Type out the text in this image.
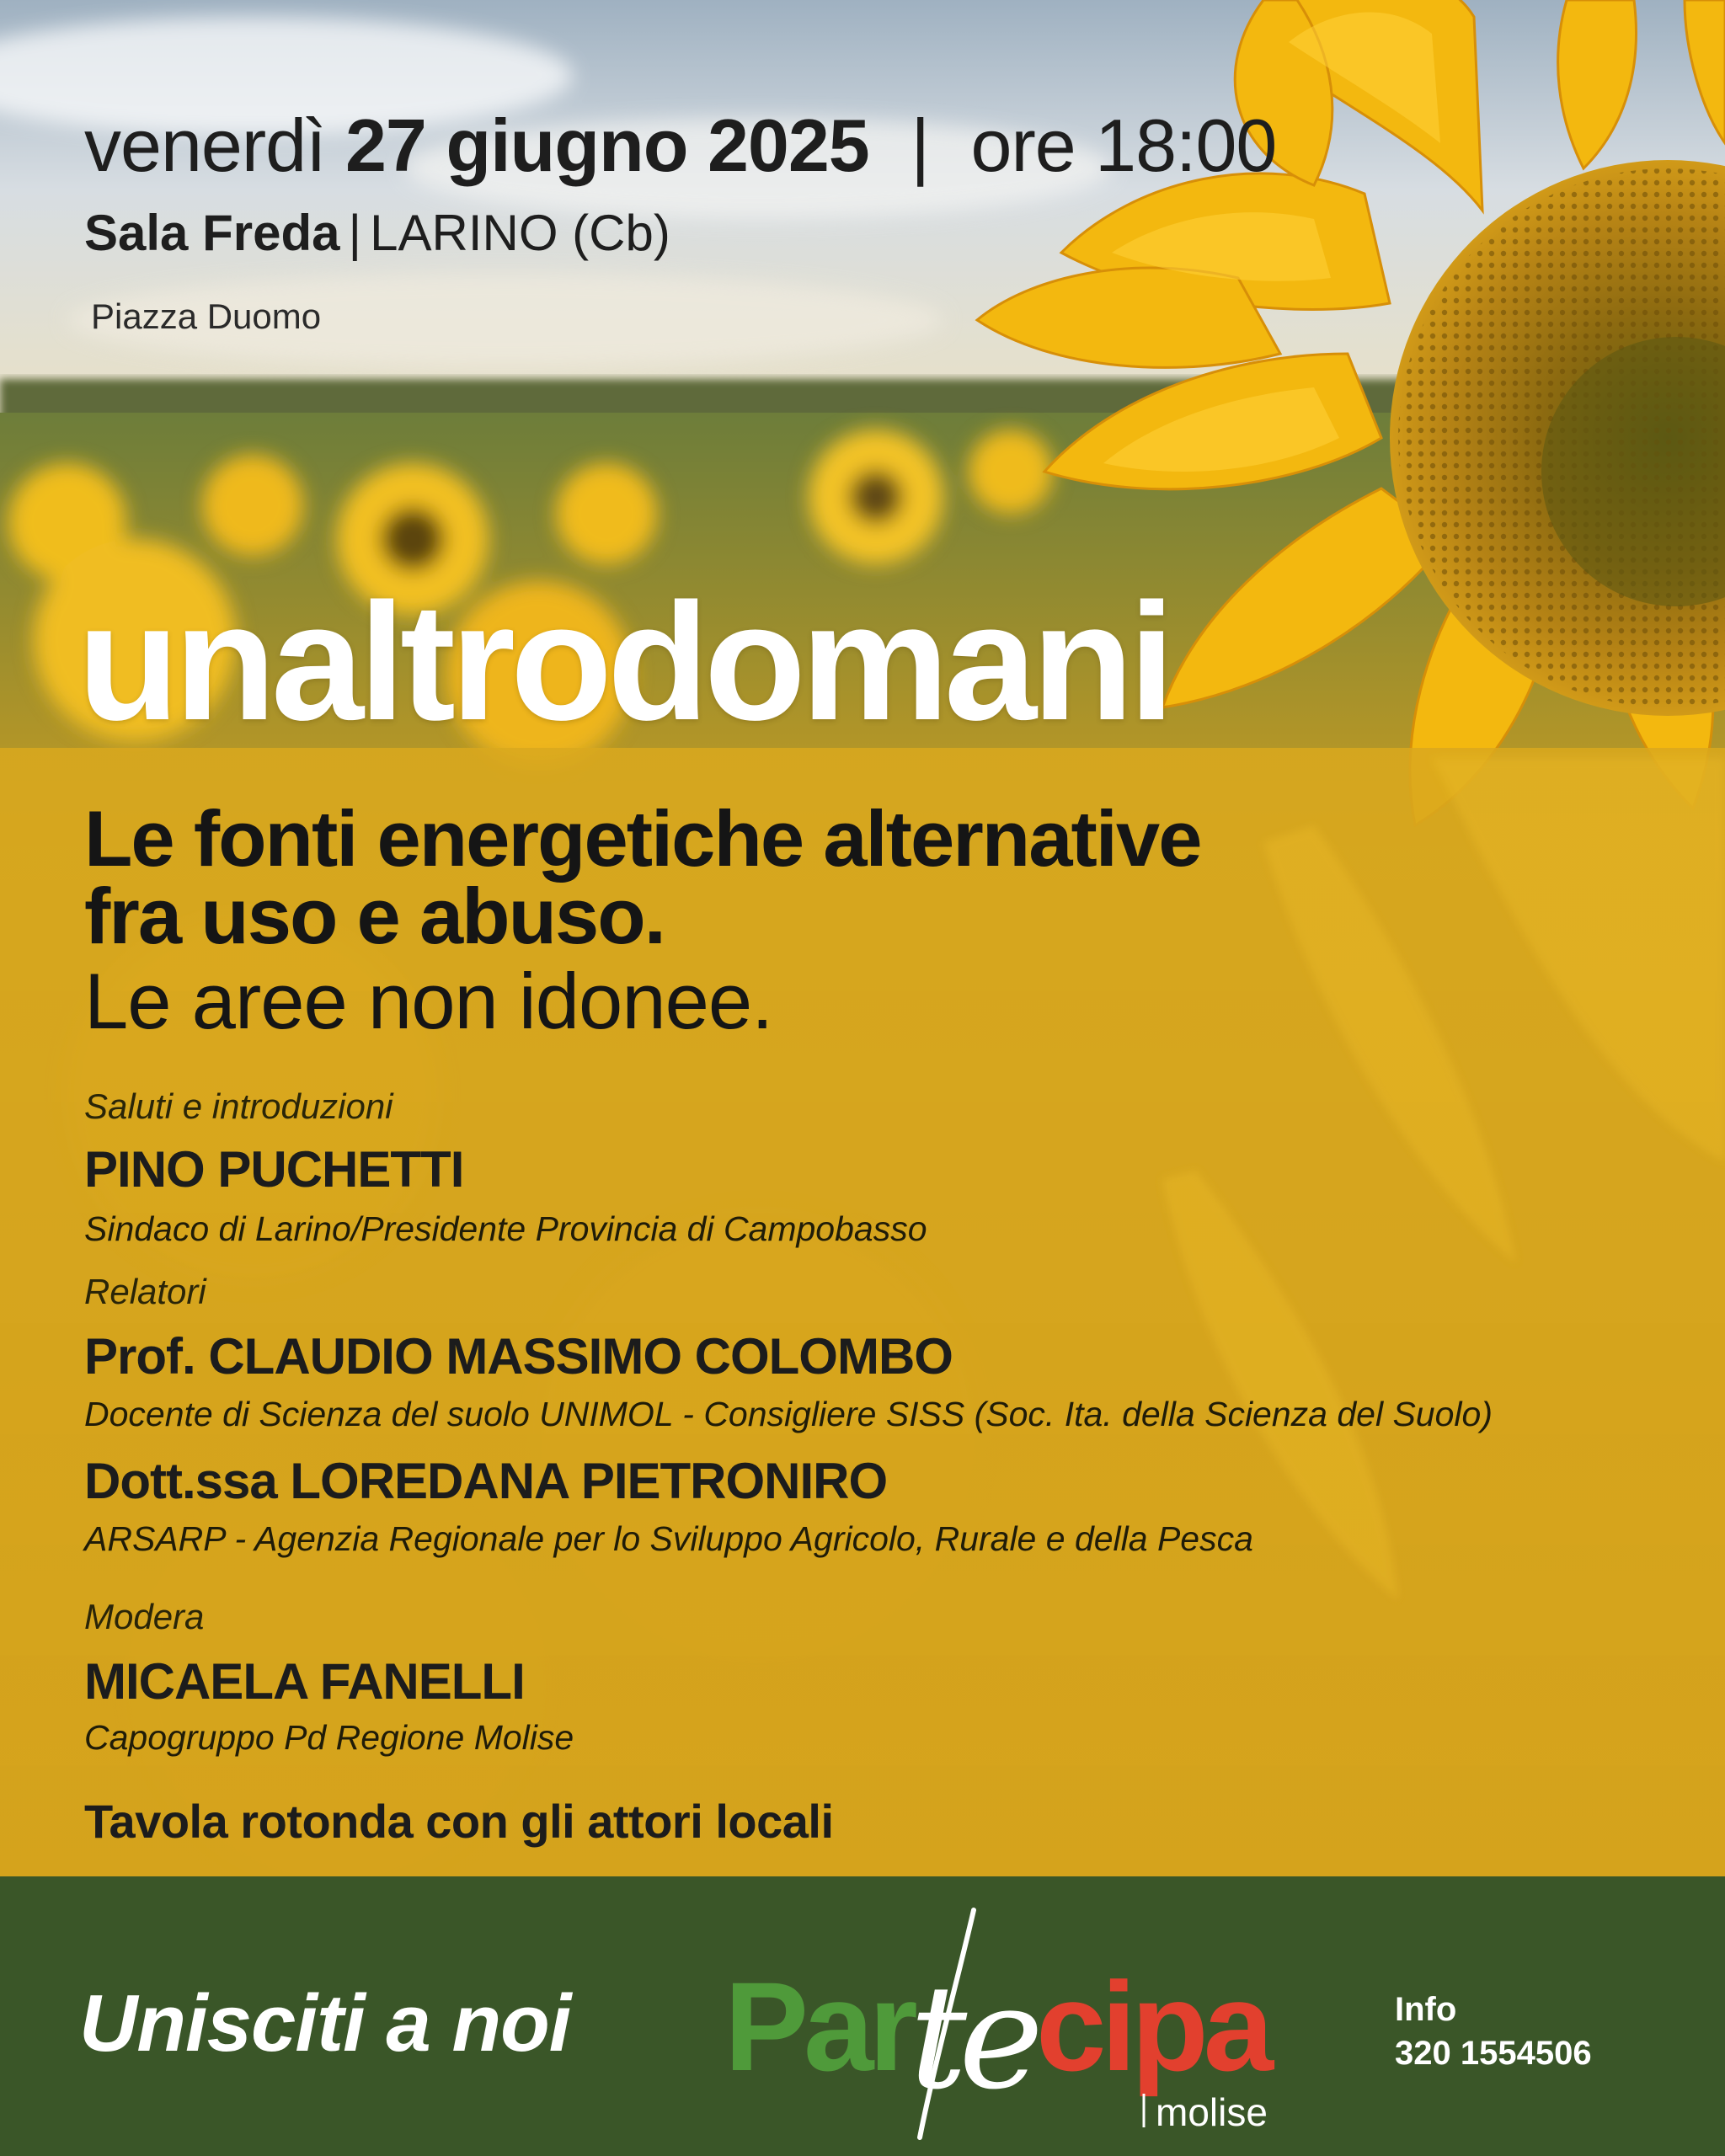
venerdì 27 giugno 2025 | ore 18:00

Sala Freda | LARINO (Cb)

Piazza Duomo

unaltrodomani
Le fonti energetiche alternative
fra uso e abuso.
Le aree non idonee.

Saluti e introduzioni

PINO PUCHETTI

Sindaco di Larino/Presidente Provincia di Campobasso

Relatori

Prof. CLAUDIO MASSIMO COLOMBO

Docente di Scienza del suolo UNIMOL - Consigliere SISS (Soc. Ita. della Scienza del Suolo)

Dott.ssa LOREDANA PIETRONIRO

ARSARP - Agenzia Regionale per lo Sviluppo Agricolo, Rurale e della Pesca

Modera

MICAELA FANELLI

Capogruppo Pd Regione Molise

Tavola rotonda con gli attori locali

Unisciti a noi Par
te cipa
molise

Info
320 1554506
